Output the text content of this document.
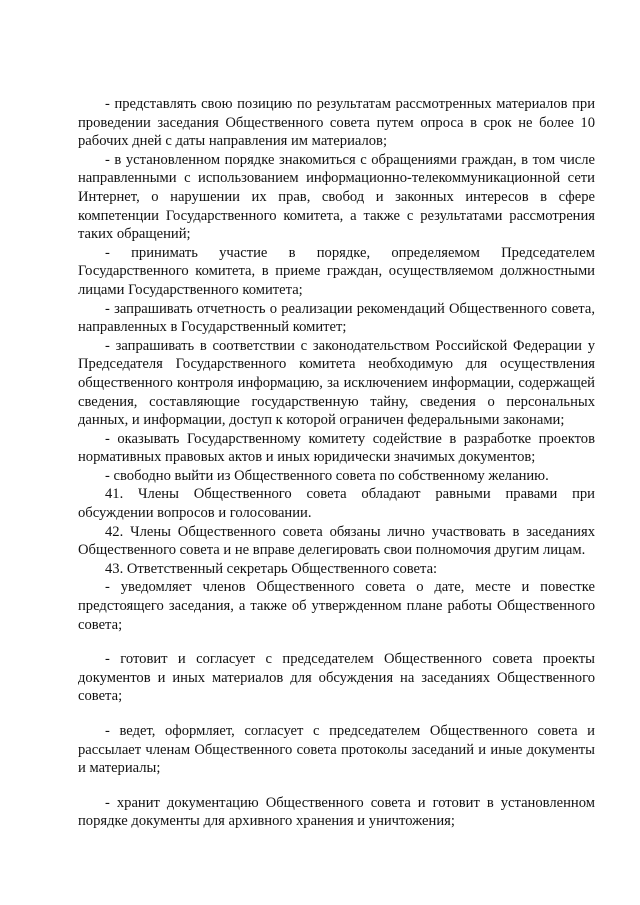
- представлять свою позицию по результатам рассмотренных материалов при проведении заседания Общественного совета путем опроса в срок не более 10 рабочих дней с даты направления им материалов;

- в установленном порядке знакомиться с обращениями граждан, в том числе направленными с использованием информационно-телекоммуникационной сети Интернет, о нарушении их прав, свобод и законных интересов в сфере компетенции Государственного комитета, а также с результатами рассмотрения таких обращений;

- принимать участие в порядке, определяемом Председателем Государственного комитета, в приеме граждан, осуществляемом должностными лицами Государственного комитета;

- запрашивать отчетность о реализации рекомендаций Общественного совета, направленных в Государственный комитет;

- запрашивать в соответствии с законодательством Российской Федерации у Председателя Государственного комитета необходимую для осуществления общественного контроля информацию, за исключением информации, содержащей сведения, составляющие государственную тайну, сведения о персональных данных, и информации, доступ к которой ограничен федеральными законами;

- оказывать Государственному комитету содействие в разработке проектов нормативных правовых актов и иных юридически значимых документов;

- свободно выйти из Общественного совета по собственному желанию.

41. Члены Общественного совета обладают равными правами при обсуждении вопросов и голосовании.

42. Члены Общественного совета обязаны лично участвовать в заседаниях Общественного совета и не вправе делегировать свои полномочия другим лицам.

43. Ответственный секретарь Общественного совета:

- уведомляет членов Общественного совета о дате, месте и повестке предстоящего заседания, а также об утвержденном плане работы Общественного совета;

- готовит и согласует с председателем Общественного совета проекты документов и иных материалов для обсуждения на заседаниях Общественного совета;

- ведет, оформляет, согласует с председателем Общественного совета и рассылает членам Общественного совета протоколы заседаний и иные документы и материалы;

- хранит документацию Общественного совета и готовит в установленном порядке документы для архивного хранения и уничтожения;
